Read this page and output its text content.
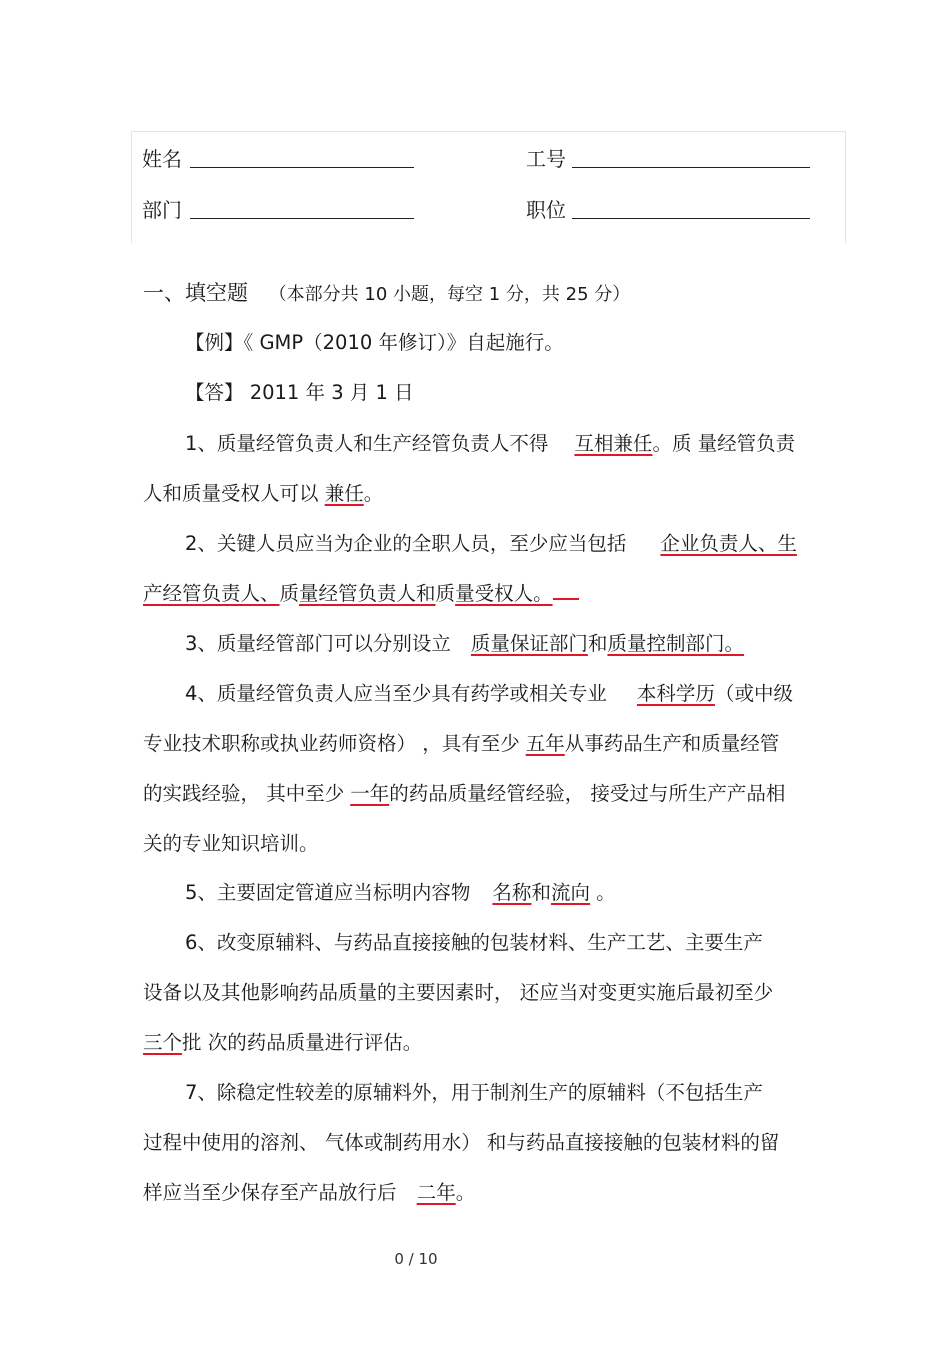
姓名	工号
部门	职位
一、填空题 （本部分共 10 小题，每空 1 分，共 25 分）
【例】《 GMP（2010 年修订）》自起施行。
【答】 2011 年 3 月 1 日
1、质量经管负责人和生产经管负责人不得 互相兼任。质 量经管负责
人和质量受权人可以 兼任。
2、关键人员应当为企业的全职人员，至少应当包括 企业负责人、生
产经管负责人、质量经管负责人和质量受权人。
3、质量经管部门可以分别设立 质量保证部门和质量控制部门。
4、质量经管负责人应当至少具有药学或相关专业 本科学历（或中级
专业技术职称或执业药师资格） ，具有至少 五年从事药品生产和质量经管
的实践经验， 其中至少 一年的药品质量经管经验， 接受过与所生产产品相
关的专业知识培训。
5、主要固定管道应当标明内容物 名称和流向 。
6、改变原辅料、与药品直接接触的包装材料、生产工艺、主要生产
设备以及其他影响药品质量的主要因素时， 还应当对变更实施后最初至少
三个批 次的药品质量进行评估。
7、除稳定性较差的原辅料外，用于制剂生产的原辅料（不包括生产
过程中使用的溶剂、 气体或制药用水） 和与药品直接接触的包装材料的留
样应当至少保存至产品放行后 二年。
0 / 10
